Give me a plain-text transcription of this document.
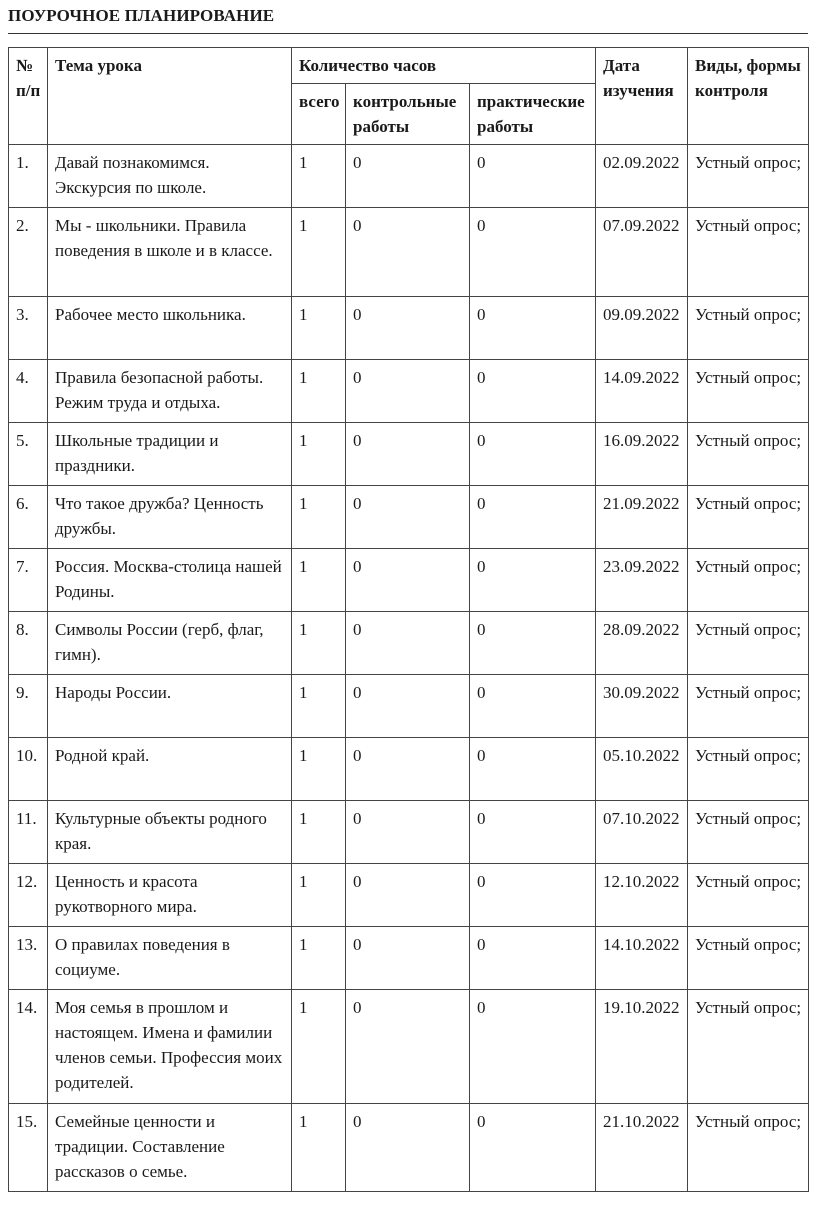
ПОУРОЧНОЕ ПЛАНИРОВАНИЕ
№ п/п	Тема урока	Количество часов			Дата изучения	Виды, формы контроля
		всего	контрольные работы	практические работы		
1.	Давай познакомимся. Экскурсия по школе.	1	0	0	02.09.2022	Устный опрос;
2.	Мы - школьники. Правила поведения в школе и в классе.	1	0	0	07.09.2022	Устный опрос;
3.	Рабочее место школьника.	1	0	0	09.09.2022	Устный опрос;
4.	Правила безопасной работы. Режим труда и отдыха.	1	0	0	14.09.2022	Устный опрос;
5.	Школьные традиции и праздники.	1	0	0	16.09.2022	Устный опрос;
6.	Что такое дружба? Ценность дружбы.	1	0	0	21.09.2022	Устный опрос;
7.	Россия. Москва-столица нашей Родины.	1	0	0	23.09.2022	Устный опрос;
8.	Символы России (герб, флаг, гимн).	1	0	0	28.09.2022	Устный опрос;
9.	Народы России.	1	0	0	30.09.2022	Устный опрос;
10.	Родной край.	1	0	0	05.10.2022	Устный опрос;
11.	Культурные объекты родного края.	1	0	0	07.10.2022	Устный опрос;
12.	Ценность и красота рукотворного мира.	1	0	0	12.10.2022	Устный опрос;
13.	О правилах поведения в социуме.	1	0	0	14.10.2022	Устный опрос;
14.	Моя семья в прошлом и настоящем. Имена и фамилии членов семьи. Профессия моих родителей.	1	0	0	19.10.2022	Устный опрос;
15.	Семейные ценности и традиции. Составление рассказов о семье.	1	0	0	21.10.2022	Устный опрос;
